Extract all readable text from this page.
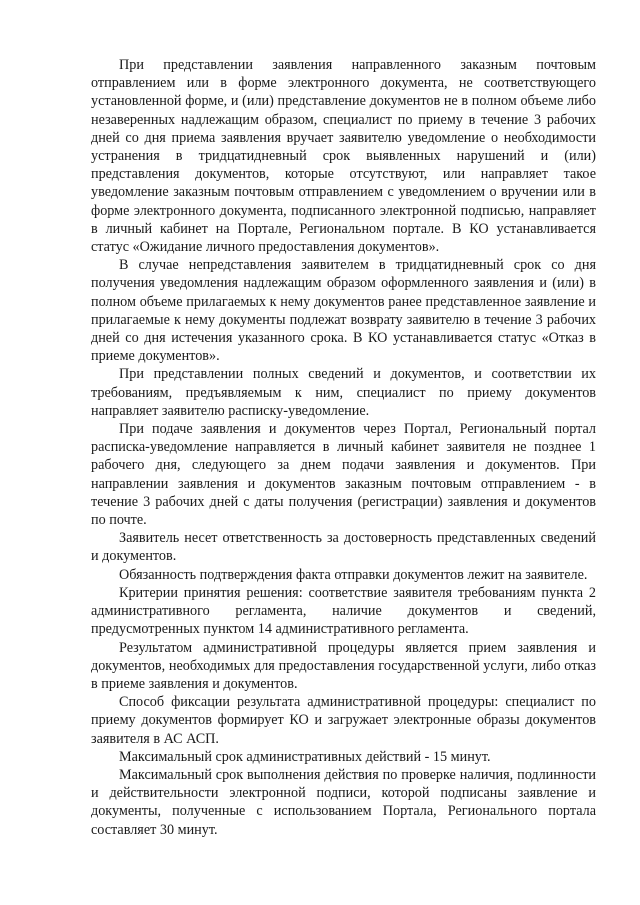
При представлении заявления направленного заказным почтовым отправлением или в форме электронного документа, не соответствующего установленной форме, и (или) представление документов не в полном объеме либо незаверенных надлежащим образом, специалист по приему в течение 3 рабочих дней со дня приема заявления вручает заявителю уведомление о необходимости устранения в тридцатидневный срок выявленных нарушений и (или) представления документов, которые отсутствуют, или направляет такое уведомление заказным почтовым отправлением с уведомлением о вручении или в форме электронного документа, подписанного электронной подписью, направляет в личный кабинет на Портале, Региональном портале. В КО устанавливается статус «Ожидание личного предоставления документов».

В случае непредставления заявителем в тридцатидневный срок со дня получения уведомления надлежащим образом оформленного заявления и (или) в полном объеме прилагаемых к нему документов ранее представленное заявление и прилагаемые к нему документы подлежат возврату заявителю в течение 3 рабочих дней со дня истечения указанного срока. В КО устанавливается статус «Отказ в приеме документов».

При представлении полных сведений и документов, и соответствии их требованиям, предъявляемым к ним, специалист по приему документов направляет заявителю расписку-уведомление.

При подаче заявления и документов через Портал, Региональный портал расписка-уведомление направляется в личный кабинет заявителя не позднее 1 рабочего дня, следующего за днем подачи заявления и документов. При направлении заявления и документов заказным почтовым отправлением - в течение 3 рабочих дней с даты получения (регистрации) заявления и документов по почте.

Заявитель несет ответственность за достоверность представленных сведений и документов.

Обязанность подтверждения факта отправки документов лежит на заявителе.

Критерии принятия решения: соответствие заявителя требованиям пункта 2 административного регламента, наличие документов и сведений, предусмотренных пунктом 14 административного регламента.

Результатом административной процедуры является прием заявления и документов, необходимых для предоставления государственной услуги, либо отказ в приеме заявления и документов.

Способ фиксации результата административной процедуры: специалист по приему документов формирует КО и загружает электронные образы документов заявителя в АС АСП.

Максимальный срок административных действий - 15 минут.

Максимальный срок выполнения действия по проверке наличия, подлинности и действительности электронной подписи, которой подписаны заявление и документы, полученные с использованием Портала, Регионального портала составляет 30 минут.
